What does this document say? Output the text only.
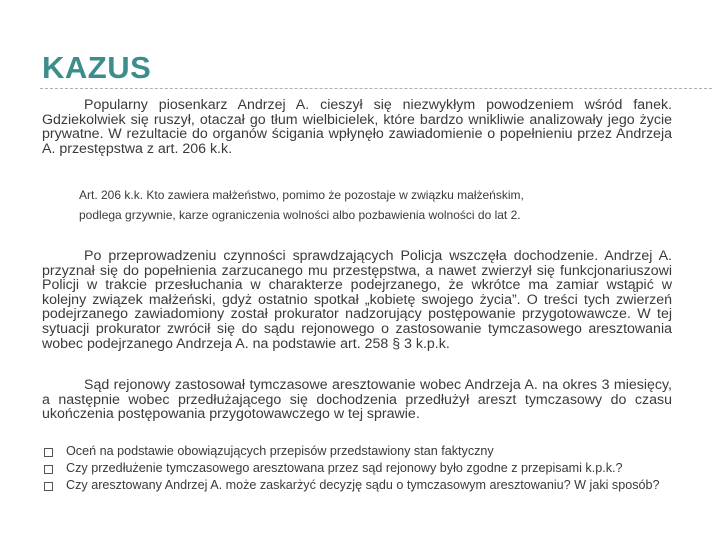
KAZUS

Popularny piosenkarz Andrzej A. cieszył się niezwykłym powodzeniem wśród fanek. Gdziekolwiek się ruszył, otaczał go tłum wielbicielek, które bardzo wnikliwie analizowały jego życie prywatne. W rezultacie do organów ścigania wpłynęło zawiadomienie o popełnieniu przez Andrzeja A. przestępstwa z art. 206 k.k.

Art. 206 k.k. Kto zawiera małżeństwo, pomimo że pozostaje w związku małżeńskim,

podlega grzywnie, karze ograniczenia wolności albo pozbawienia wolności do lat 2.

Po przeprowadzeniu czynności sprawdzających Policja wszczęła dochodzenie. Andrzej A. przyznał się do popełnienia zarzucanego mu przestępstwa, a nawet zwierzył się funkcjonariuszowi Policji w trakcie przesłuchania w charakterze podejrzanego, że wkrótce ma zamiar wstąpić w kolejny związek małżeński, gdyż ostatnio spotkał „kobietę swojego życia”. O treści tych zwierzeń podejrzanego zawiadomiony został prokurator nadzorujący postępowanie przygotowawcze. W tej sytuacji prokurator zwrócił się do sądu rejonowego o zastosowanie tymczasowego aresztowania wobec podejrzanego Andrzeja A. na podstawie art. 258 § 3 k.p.k.

Sąd rejonowy zastosował tymczasowe aresztowanie wobec Andrzeja A. na okres 3 miesięcy, a następnie wobec przedłużającego się dochodzenia przedłużył areszt tymczasowy do czasu ukończenia postępowania przygotowawczego w tej sprawie.

Oceń na podstawie obowiązujących przepisów przedstawiony stan faktyczny
Czy przedłużenie tymczasowego aresztowana przez sąd rejonowy było zgodne z przepisami k.p.k.?
Czy aresztowany Andrzej A. może zaskarżyć decyzję sądu o tymczasowym aresztowaniu? W jaki sposób?
